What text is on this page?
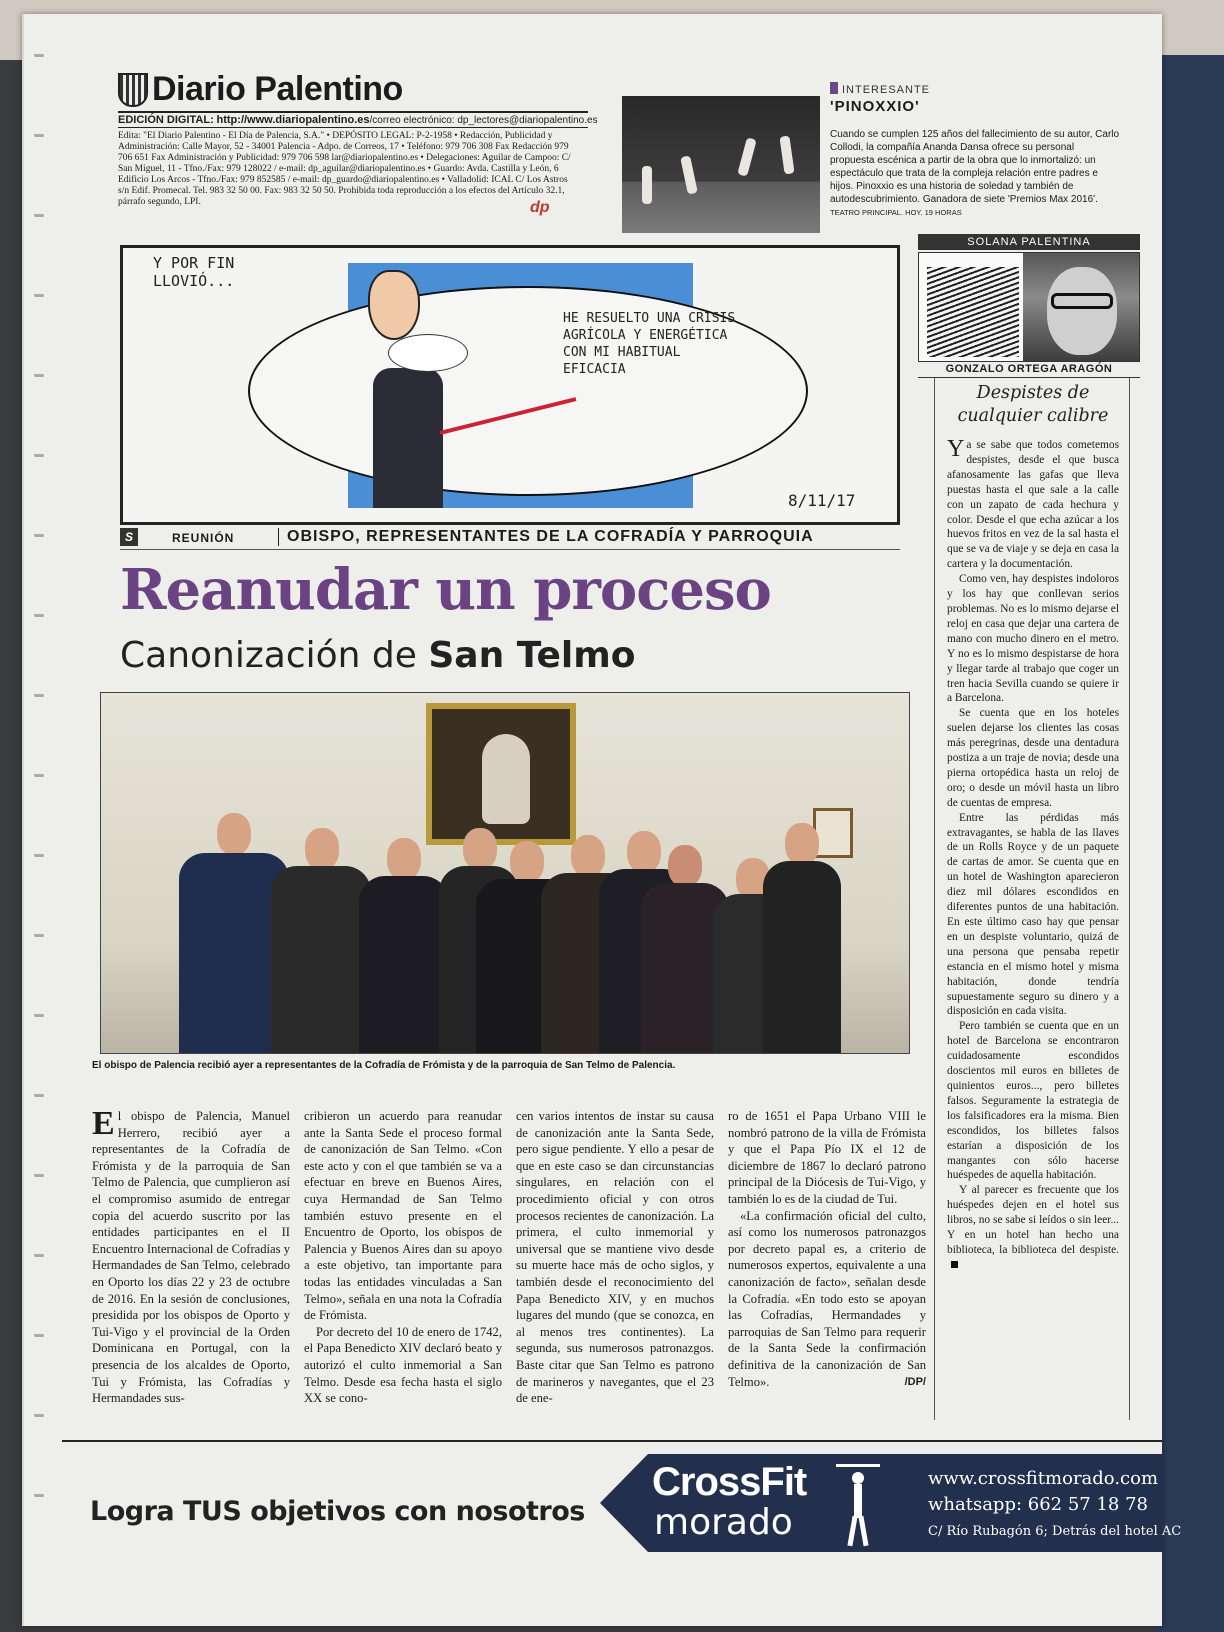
Diario Palentino
EDICIÓN DIGITAL: http://www.diariopalentino.es/correo electrónico: dp_lectores@diariopalentino.es
Edita: "El Diario Palentino - El Día de Palencia, S.A." • DEPÓSITO LEGAL: P-2-1958 • Redacción, Publicidad y Administración: Calle Mayor, 52 - 34001 Palencia - Adpo. de Correos, 17 • Teléfono: 979 706 308 Fax Redacción 979 706 651 Fax Administración y Publicidad: 979 706 598 lar@diariopalentino.es • Delegaciones: Aguilar de Campoo: C/ San Miguel, 11 - Tfno./Fax: 979 128022 / e-mail: dp_aguilar@diariopalentino.es • Guardo: Avda. Castilla y León, 6 Edificio Los Arcos - Tfno./Fax: 979 852585 / e-mail: dp_guardo@diariopalentino.es • Valladolid: ICAL C/ Los Astros s/n Edif. Promecal. Tel. 983 32 50 00. Fax: 983 32 50 50. Prohibida toda reproducción a los efectos del Artículo 32.1, párrafo segundo, LPI.	dp
INTERESANTE
'PINOXXIO'
Cuando se cumplen 125 años del fallecimiento de su autor, Carlo Collodi, la compañía Ananda Dansa ofrece su personal propuesta escénica a partir de la obra que lo inmortalizó: un espectáculo que trata de la compleja relación entre padres e hijos. Pinoxxio es una historia de soledad y también de autodescubrimiento. Ganadora de siete 'Premios Max 2016'. TEATRO PRINCIPAL. HOY. 19 HORAS
Y POR FIN LLOVIÓ...
HE RESUELTO UNA CRISIS AGRÍCOLA Y ENERGÉTICA CON MI HABITUAL EFICACIA
8/11/17
S	REUNIÓN	OBISPO, REPRESENTANTES DE LA COFRADÍA Y PARROQUIA
Reanudar un proceso
Canonización de San Telmo
El obispo de Palencia recibió ayer a representantes de la Cofradía de Frómista y de la parroquia de San Telmo de Palencia.

El obispo de Palencia, Manuel Herrero, recibió ayer a representantes de la Cofradía de Frómista y de la parroquia de San Telmo de Palencia, que cumplieron así el compromiso asumido de entregar copia del acuerdo suscrito por las entidades participantes en el II Encuentro Internacional de Cofradías y Hermandades de San Telmo, celebrado en Oporto los días 22 y 23 de octubre de 2016. En la sesión de conclusiones, presidida por los obispos de Oporto y Tui-Vigo y el provincial de la Orden Dominicana en Portugal, con la presencia de los alcaldes de Oporto, Tui y Frómista, las Cofradías y Hermandades sus-

cribieron un acuerdo para reanudar ante la Santa Sede el proceso formal de canonización de San Telmo. «Con este acto y con el que también se va a efectuar en breve en Buenos Aires, cuya Hermandad de San Telmo también estuvo presente en el Encuentro de Oporto, los obispos de Palencia y Buenos Aires dan su apoyo a este objetivo, tan importante para todas las entidades vinculadas a San Telmo», señala en una nota la Cofradía de Frómista.

Por decreto del 10 de enero de 1742, el Papa Benedicto XIV declaró beato y autorizó el culto inmemorial a San Telmo. Desde esa fecha hasta el siglo XX se cono-

cen varios intentos de instar su causa de canonización ante la Santa Sede, pero sigue pendiente. Y ello a pesar de que en este caso se dan circunstancias singulares, en relación con el procedimiento oficial y con otros procesos recientes de canonización. La primera, el culto inmemorial y universal que se mantiene vivo desde su muerte hace más de ocho siglos, y también desde el reconocimiento del Papa Benedicto XIV, y en muchos lugares del mundo (que se conozca, en al menos tres continentes). La segunda, sus numerosos patronazgos. Baste citar que San Telmo es patrono de marineros y navegantes, que el 23 de ene-

ro de 1651 el Papa Urbano VIII le nombró patrono de la villa de Frómista y que el Papa Pío IX el 12 de diciembre de 1867 lo declaró patrono principal de la Diócesis de Tui-Vigo, y también lo es de la ciudad de Tui.

«La confirmación oficial del culto, así como los numerosos patronazgos por decreto papal es, a criterio de numerosos expertos, equivalente a una canonización de facto», señalan desde la Cofradía. «En todo esto se apoyan las Cofradías, Hermandades y parroquias de San Telmo para requerir de la Santa Sede la confirmación definitiva de la canonización de San Telmo».	/DP/

SOLANA PALENTINA
GONZALO ORTEGA ARAGÓN
Despistes de cualquier calibre

Ya se sabe que todos cometemos despistes, desde el que busca afanosamente las gafas que lleva puestas hasta el que sale a la calle con un zapato de cada hechura y color. Desde el que echa azúcar a los huevos fritos en vez de la sal hasta el que se va de viaje y se deja en casa la cartera y la documentación.

Como ven, hay despistes indoloros y los hay que conllevan serios problemas. No es lo mismo dejarse el reloj en casa que dejar una cartera de mano con mucho dinero en el metro. Y no es lo mismo despistarse de hora y llegar tarde al trabajo que coger un tren hacia Sevilla cuando se quiere ir a Barcelona.

Se cuenta que en los hoteles suelen dejarse los clientes las cosas más peregrinas, desde una dentadura postiza a un traje de novia; desde una pierna ortopédica hasta un reloj de oro; o desde un móvil hasta un libro de cuentas de empresa.

Entre las pérdidas más extravagantes, se habla de las llaves de un Rolls Royce y de un paquete de cartas de amor. Se cuenta que en un hotel de Washington aparecieron diez mil dólares escondidos en diferentes puntos de una habitación. En este último caso hay que pensar en un despiste voluntario, quizá de una persona que pensaba repetir estancia en el mismo hotel y misma habitación, donde tendría supuestamente seguro su dinero y a disposición en cada visita.

Pero también se cuenta que en un hotel de Barcelona se encontraron cuidadosamente escondidos doscientos mil euros en billetes de quinientos euros..., pero billetes falsos. Seguramente la estrategia de los falsificadores era la misma. Bien escondidos, los billetes falsos estarían a disposición de los mangantes con sólo hacerse huéspedes de aquella habitación.

Y al parecer es frecuente que los huéspedes dejen en el hotel sus libros, no se sabe si leídos o sin leer... Y en un hotel han hecho una biblioteca, la biblioteca del despiste.

Logra TUS objetivos con nosotros
CrossFit
morado
www.crossfitmorado.com
whatsapp: 662 57 18 78
C/ Río Rubagón 6; Detrás del hotel AC
